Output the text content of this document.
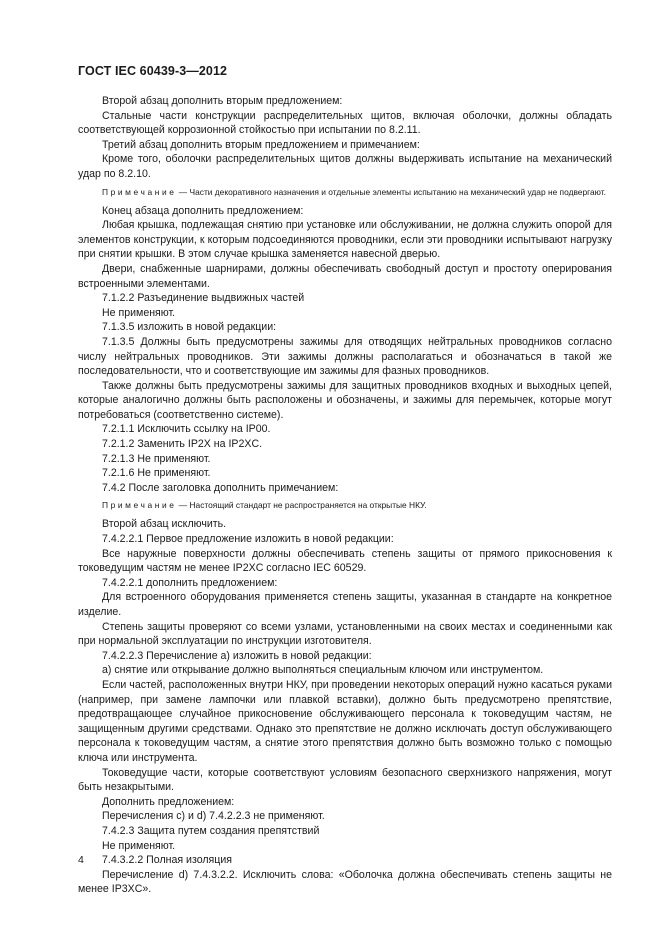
ГОСТ IEC 60439-3—2012

Второй абзац дополнить вторым предложением:

Стальные части конструкции распределительных щитов, включая оболочки, должны обладать соответствующей коррозионной стойкостью при испытании по 8.2.11.

Третий абзац дополнить вторым предложением и примечанием:

Кроме того, оболочки распределительных щитов должны выдерживать испытание на механический удар по 8.2.10.

Примечание — Части декоративного назначения и отдельные элементы испытанию на механический удар не подвергают.

Конец абзаца дополнить предложением:

Любая крышка, подлежащая снятию при установке или обслуживании, не должна служить опорой для элементов конструкции, к которым подсоединяются проводники, если эти проводники испытывают нагрузку при снятии крышки. В этом случае крышка заменяется навесной дверью.

Двери, снабженные шарнирами, должны обеспечивать свободный доступ и простоту оперирования встроенными элементами.

7.1.2.2 Разъединение выдвижных частей

Не применяют.

7.1.3.5 изложить в новой редакции:

7.1.3.5 Должны быть предусмотрены зажимы для отводящих нейтральных проводников согласно числу нейтральных проводников. Эти зажимы должны располагаться и обозначаться в такой же последовательности, что и соответствующие им зажимы для фазных проводников.

Также должны быть предусмотрены зажимы для защитных проводников входных и выходных цепей, которые аналогично должны быть расположены и обозначены, и зажимы для перемычек, которые могут потребоваться (соответственно системе).

7.2.1.1 Исключить ссылку на IP00.

7.2.1.2 Заменить IP2X на IP2XC.

7.2.1.3 Не применяют.

7.2.1.6 Не применяют.

7.4.2 После заголовка дополнить примечанием:

Примечание — Настоящий стандарт не распространяется на открытые НКУ.

Второй абзац исключить.

7.4.2.2.1 Первое предложение изложить в новой редакции:

Все наружные поверхности должны обеспечивать степень защиты от прямого прикосновения к токоведущим частям не менее IP2XC согласно IEC 60529.

7.4.2.2.1 дополнить предложением:

Для встроенного оборудования применяется степень защиты, указанная в стандарте на конкретное изделие.

Степень защиты проверяют со всеми узлами, установленными на своих местах и соединенными как при нормальной эксплуатации по инструкции изготовителя.

7.4.2.2.3 Перечисление а) изложить в новой редакции:

а) снятие или открывание должно выполняться специальным ключом или инструментом.

Если частей, расположенных внутри НКУ, при проведении некоторых операций нужно касаться руками (например, при замене лампочки или плавкой вставки), должно быть предусмотрено препятствие, предотвращающее случайное прикосновение обслуживающего персонала к токоведущим частям, не защищенным другими средствами. Однако это препятствие не должно исключать доступ обслуживающего персонала к токоведущим частям, а снятие этого препятствия должно быть возможно только с помощью ключа или инструмента.

Токоведущие части, которые соответствуют условиям безопасного сверхнизкого напряжения, могут быть незакрытыми.

Дополнить предложением:

Перечисления с) и d) 7.4.2.2.3 не применяют.

7.4.2.3 Защита путем создания препятствий

Не применяют.

7.4.3.2.2 Полная изоляция

Перечисление d) 7.4.3.2.2. Исключить слова: «Оболочка должна обеспечивать степень защиты не менее IP3XC».

4
